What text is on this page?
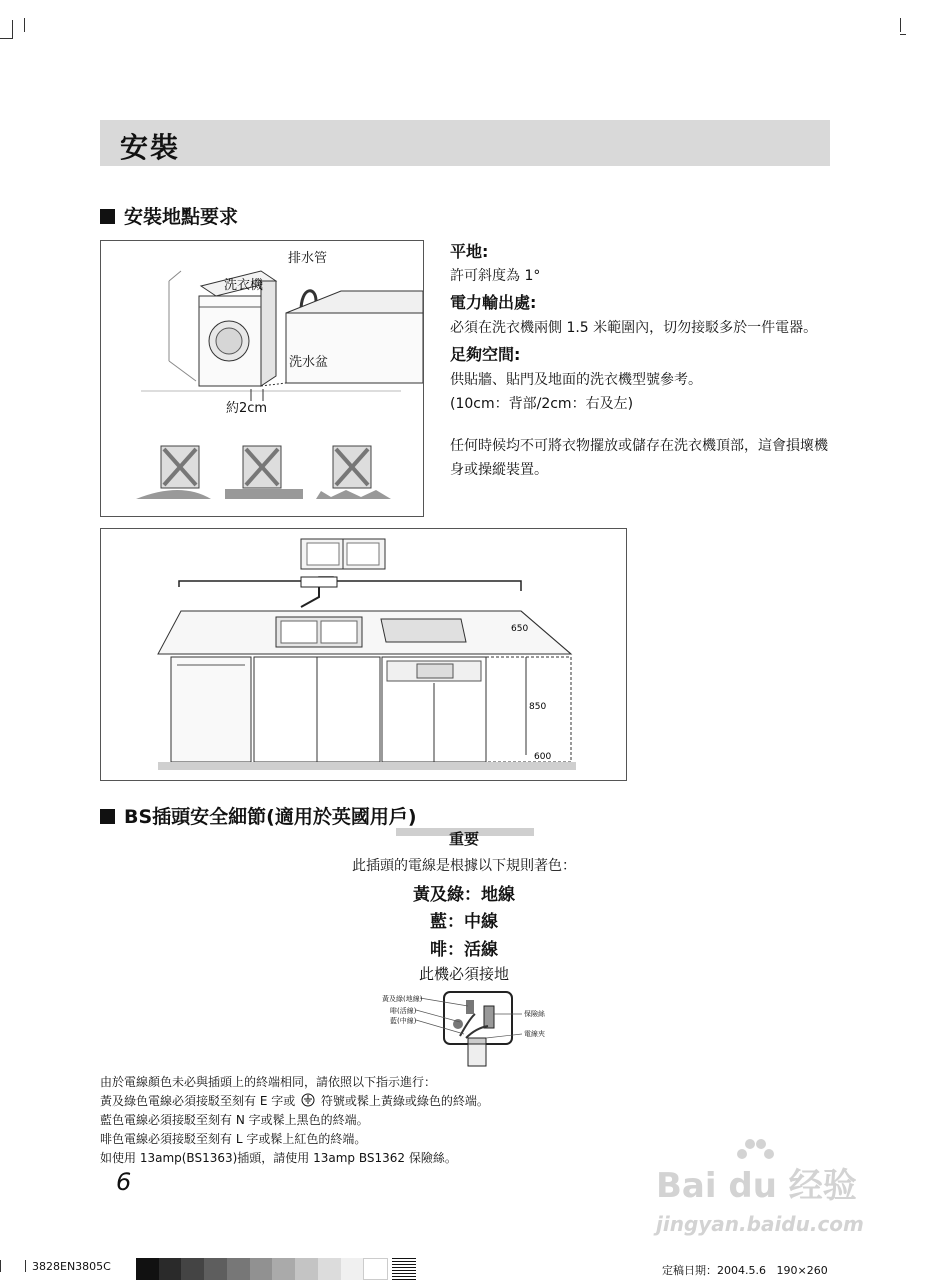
安裝
安裝地點要求
排水管
洗衣機
洗水盆
約2cm
平地:
許可斜度為 1°
電力輸出處:
必須在洗衣機兩側 1.5 米範圍內，切勿接駁多於一件電器。
足夠空間:
供貼牆、貼門及地面的洗衣機型號參考。(10cm：背部/2cm：右及左)
任何時候均不可將衣物擺放或儲存在洗衣機頂部，這會損壞機身或操縱裝置。
650
850
600
BS插頭安全細節(適用於英國用戶)
重要
此插頭的電線是根據以下規則著色：
黃及綠：地線
藍：中線
啡：活線
此機必須接地
黃及綠(地線)
啡(活線)
藍(中線)
保險絲
電線夾
由於電線顏色未必與插頭上的終端相同，請依照以下指示進行：
黃及綠色電線必須接駁至刻有 E 字或 符號或髹上黃綠或綠色的終端。
藍色電線必須接駁至刻有 N 字或髹上黑色的終端。
啡色電線必須接駁至刻有 L 字或髹上紅色的終端。
如使用 13amp(BS1363)插頭，請使用 13amp BS1362 保險絲。
6	Bai du 经验
jingyan.baidu.com
3828EN3805C	定稿日期：2004.5.6 190×260
